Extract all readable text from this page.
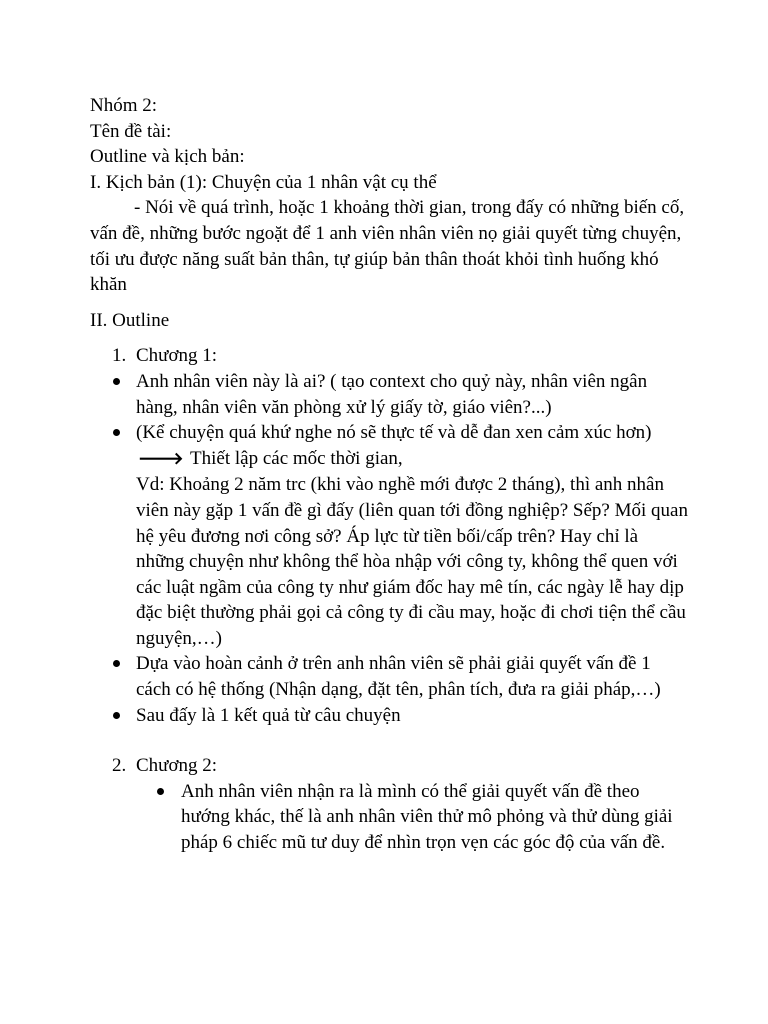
Nhóm 2:

Tên đề tài:

Outline và kịch bản:

I. Kịch bản (1): Chuyện của 1 nhân vật cụ thể

- Nói về quá trình, hoặc 1 khoảng thời gian, trong đấy có những biến cố, vấn đề, những bước ngoặt để 1 anh viên nhân viên nọ giải quyết từng chuyện, tối ưu được năng suất bản thân, tự giúp bản thân thoát khỏi tình huống khó khăn

II. Outline

1. Chương 1:
Anh nhân viên này là ai? ( tạo context cho quỷ này, nhân viên ngân hàng, nhân viên văn phòng xử lý giấy tờ, giáo viên?...)
(Kể chuyện quá khứ nghe nó sẽ thực tế và dễ đan xen cảm xúc hơn) 🡒 Thiết lập các mốc thời gian,
Vd: Khoảng 2 năm trc (khi vào nghề mới được 2 tháng), thì anh nhân viên này gặp 1 vấn đề gì đấy (liên quan tới đồng nghiệp? Sếp? Mối quan hệ yêu đương nơi công sở? Áp lực từ tiền bối/cấp trên? Hay chỉ là những chuyện như không thể hòa nhập với công ty, không thể quen với các luật ngầm của công ty như giám đốc hay mê tín, các ngày lễ hay dịp đặc biệt thường phải gọi cả công ty đi cầu may, hoặc đi chơi tiện thể cầu nguyện,…)
Dựa vào hoàn cảnh ở trên anh nhân viên sẽ phải giải quyết vấn đề 1 cách có hệ thống (Nhận dạng, đặt tên, phân tích, đưa ra giải pháp,…)
Sau đấy là 1 kết quả từ câu chuyện
2. Chương 2:
Anh nhân viên nhận ra là mình có thể giải quyết vấn đề theo hướng khác, thế là anh nhân viên thử mô phỏng và thử dùng giải pháp 6 chiếc mũ tư duy để nhìn trọn vẹn các góc độ của vấn đề.
